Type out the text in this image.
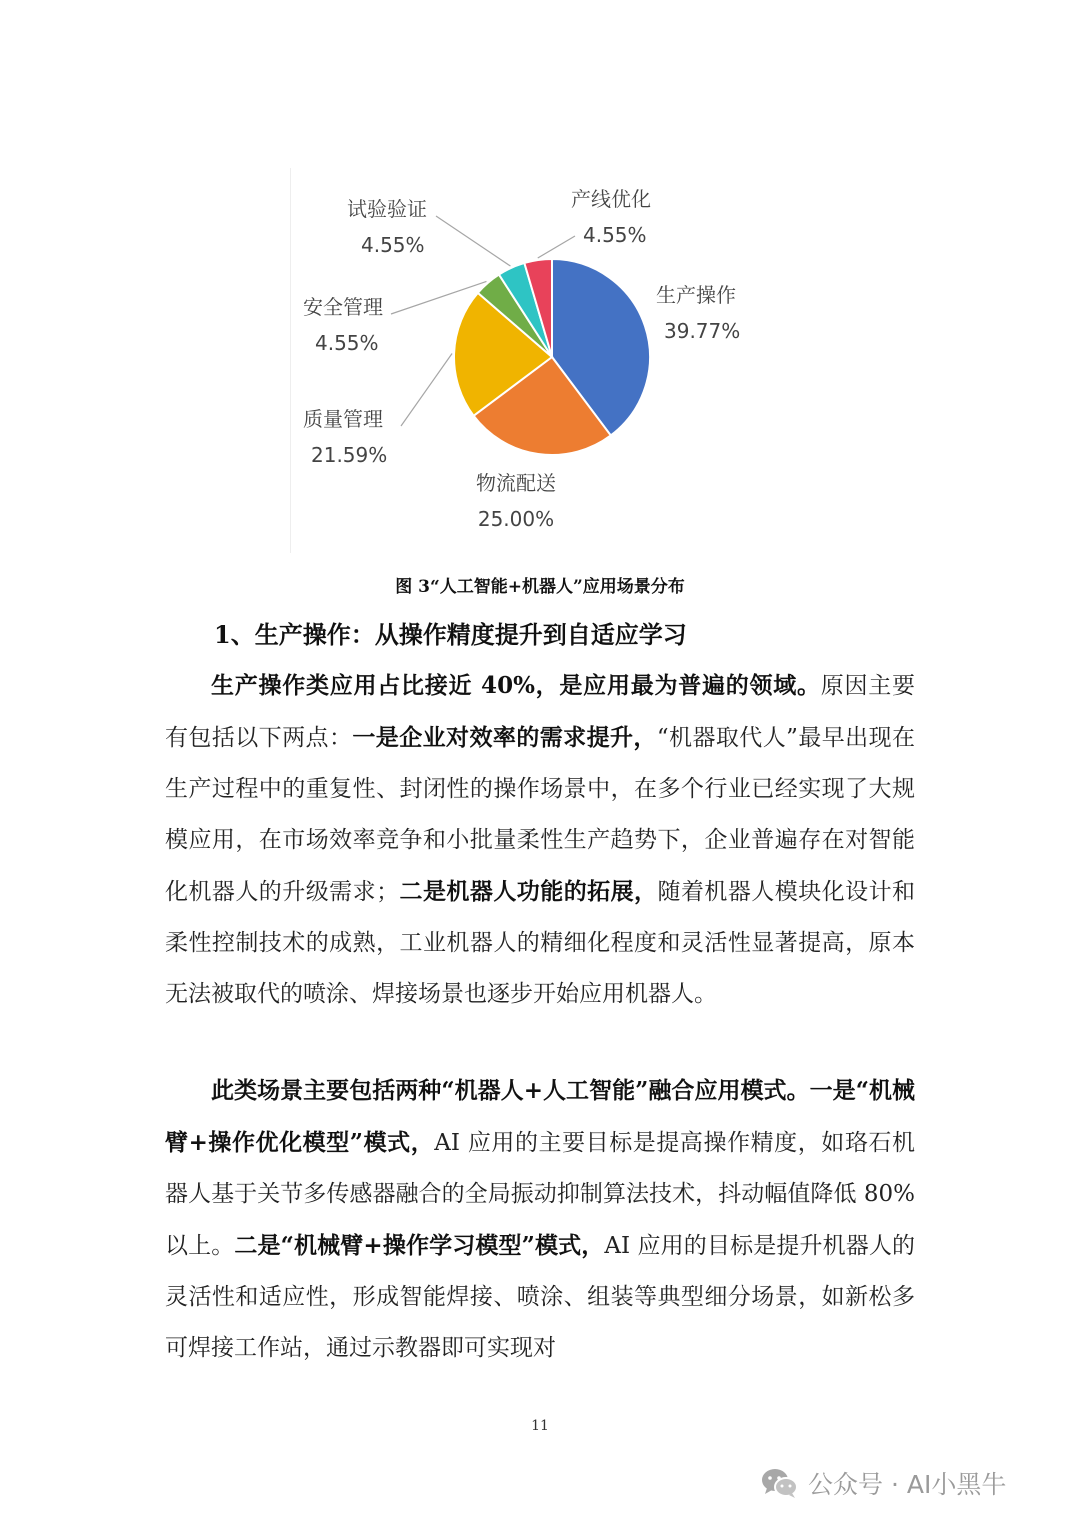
生产操作
39.77%
物流配送
25.00%
质量管理
21.59%
安全管理
4.55%
试验验证
4.55%
产线优化
4.55%
图 3“人工智能+机器人”应用场景分布
1、生产操作：从操作精度提升到自适应学习

生产操作类应用占比接近 40%，是应用最为普遍的领域。原因主要有包括以下两点：一是企业对效率的需求提升，“机器取代人”最早出现在生产过程中的重复性、封闭性的操作场景中，在多个行业已经实现了大规模应用，在市场效率竞争和小批量柔性生产趋势下，企业普遍存在对智能化机器人的升级需求；二是机器人功能的拓展，随着机器人模块化设计和柔性控制技术的成熟，工业机器人的精细化程度和灵活性显著提高，原本无法被取代的喷涂、焊接场景也逐步开始应用机器人。

此类场景主要包括两种“机器人+人工智能”融合应用模式。一是“机械臂+操作优化模型”模式，AI 应用的主要目标是提高操作精度，如珞石机器人基于关节多传感器融合的全局振动抑制算法技术，抖动幅值降低 80%以上。二是“机械臂+操作学习模型”模式，AI 应用的目标是提升机器人的灵活性和适应性，形成智能焊接、喷涂、组装等典型细分场景，如新松多可焊接工作站，通过示教器即可实现对

11
公众号 · AI小黑牛
